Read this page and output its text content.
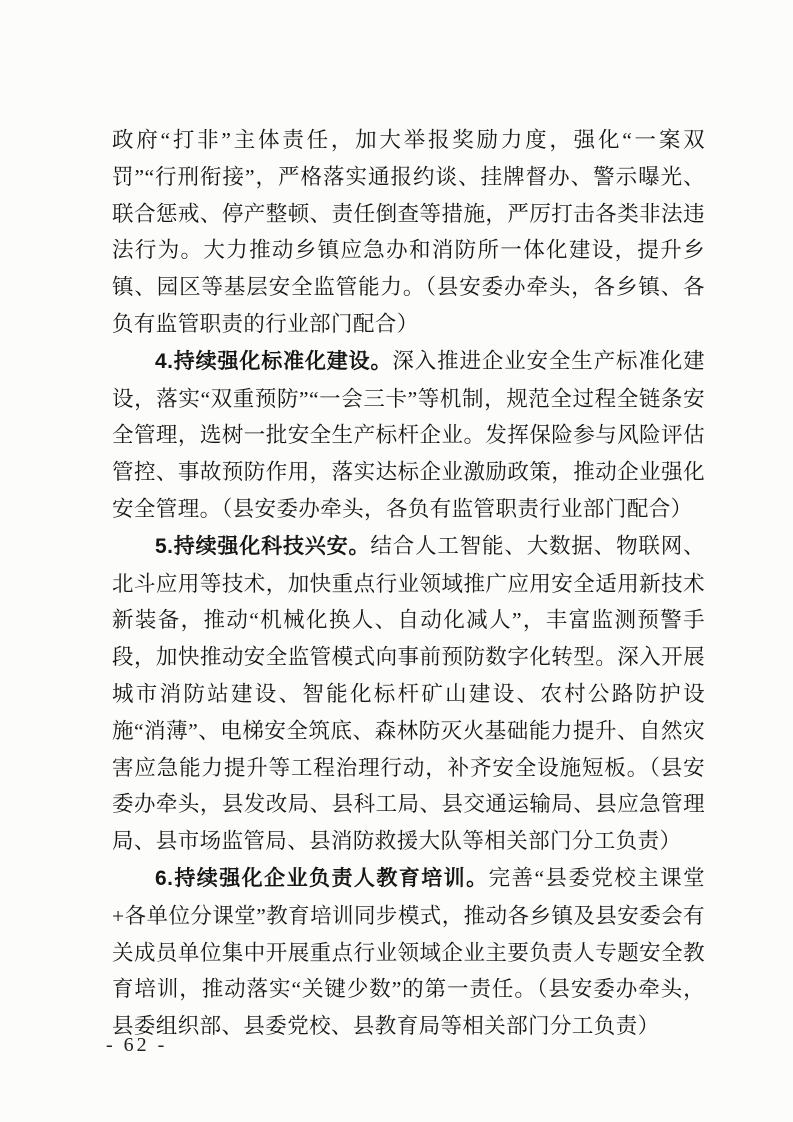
政府“打非”主体责任，加大举报奖励力度，强化“一案双罚”“行刑衔接”，严格落实通报约谈、挂牌督办、警示曝光、联合惩戒、停产整顿、责任倒查等措施，严厉打击各类非法违法行为。大力推动乡镇应急办和消防所一体化建设，提升乡镇、园区等基层安全监管能力。（县安委办牵头，各乡镇、各负有监管职责的行业部门配合）

4.持续强化标准化建设。深入推进企业安全生产标准化建设，落实“双重预防”“一会三卡”等机制，规范全过程全链条安全管理，选树一批安全生产标杆企业。发挥保险参与风险评估管控、事故预防作用，落实达标企业激励政策，推动企业强化安全管理。（县安委办牵头，各负有监管职责行业部门配合）

5.持续强化科技兴安。结合人工智能、大数据、物联网、北斗应用等技术，加快重点行业领域推广应用安全适用新技术新装备，推动“机械化换人、自动化减人”，丰富监测预警手段，加快推动安全监管模式向事前预防数字化转型。深入开展城市消防站建设、智能化标杆矿山建设、农村公路防护设施“消薄”、电梯安全筑底、森林防灭火基础能力提升、自然灾害应急能力提升等工程治理行动，补齐安全设施短板。（县安委办牵头，县发改局、县科工局、县交通运输局、县应急管理局、县市场监管局、县消防救援大队等相关部门分工负责）

6.持续强化企业负责人教育培训。完善“县委党校主课堂+各单位分课堂”教育培训同步模式，推动各乡镇及县安委会有关成员单位集中开展重点行业领域企业主要负责人专题安全教育培训，推动落实“关键少数”的第一责任。（县安委办牵头，县委组织部、县委党校、县教育局等相关部门分工负责）

- 62 -
